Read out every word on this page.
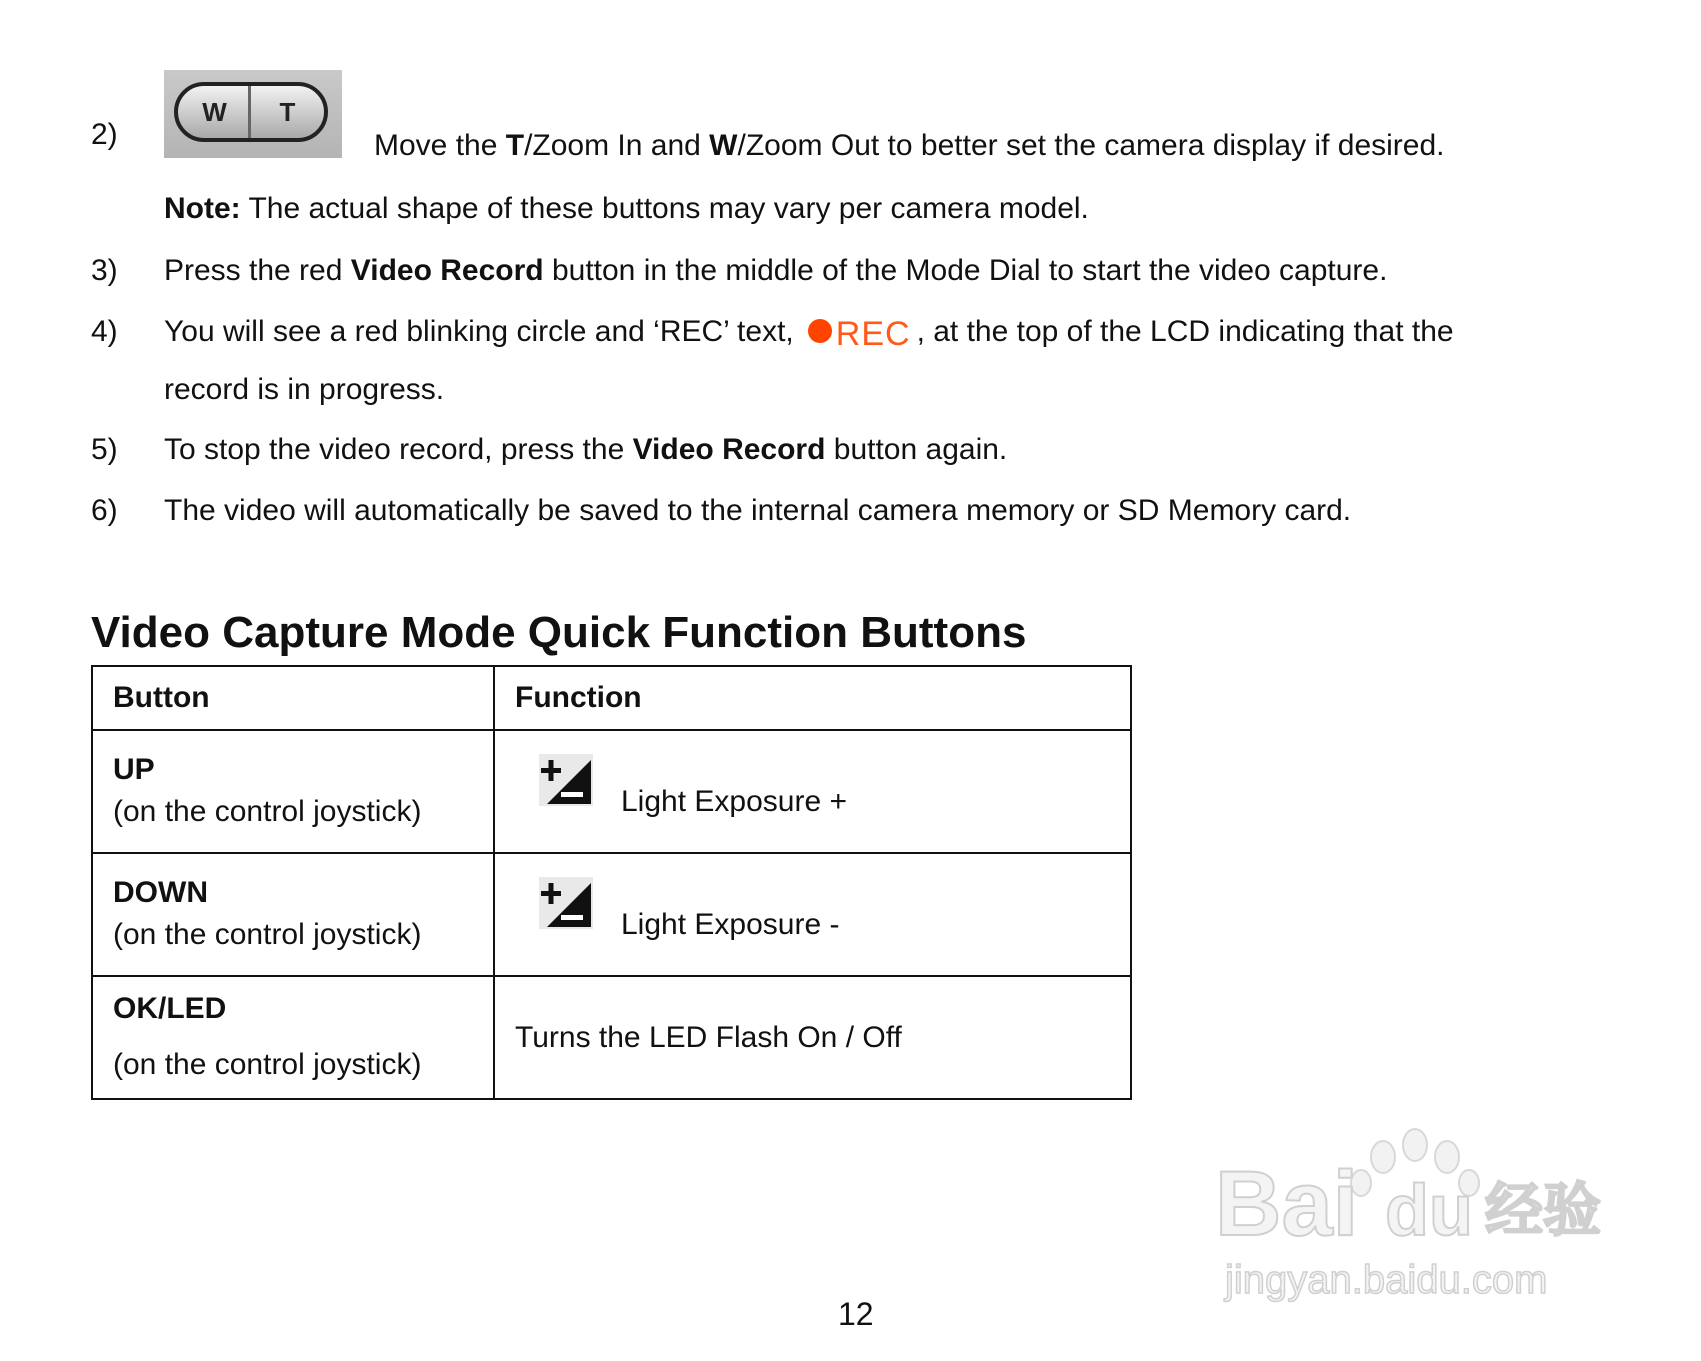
2)
W	T
Move the T/Zoom In and W/Zoom Out to better set the camera display if desired.
Note: The actual shape of these buttons may vary per camera model.
3) Press the red Video Record button in the middle of the Mode Dial to start the video capture.
4) You will see a red blinking circle and ‘REC’ text, REC , at the top of the LCD indicating that the
record is in progress.
5) To stop the video record, press the Video Record button again.
6) The video will automatically be saved to the internal camera memory or SD Memory card.
Video Capture Mode Quick Function Buttons
Button	Function

UP
(on the control joystick)	Light Exposure +

DOWN
(on the control joystick)	Light Exposure -

OK/LED
(on the control joystick)	Turns the LED Flash On / Off
12
Bai du 经验
jingyan.baidu.com
